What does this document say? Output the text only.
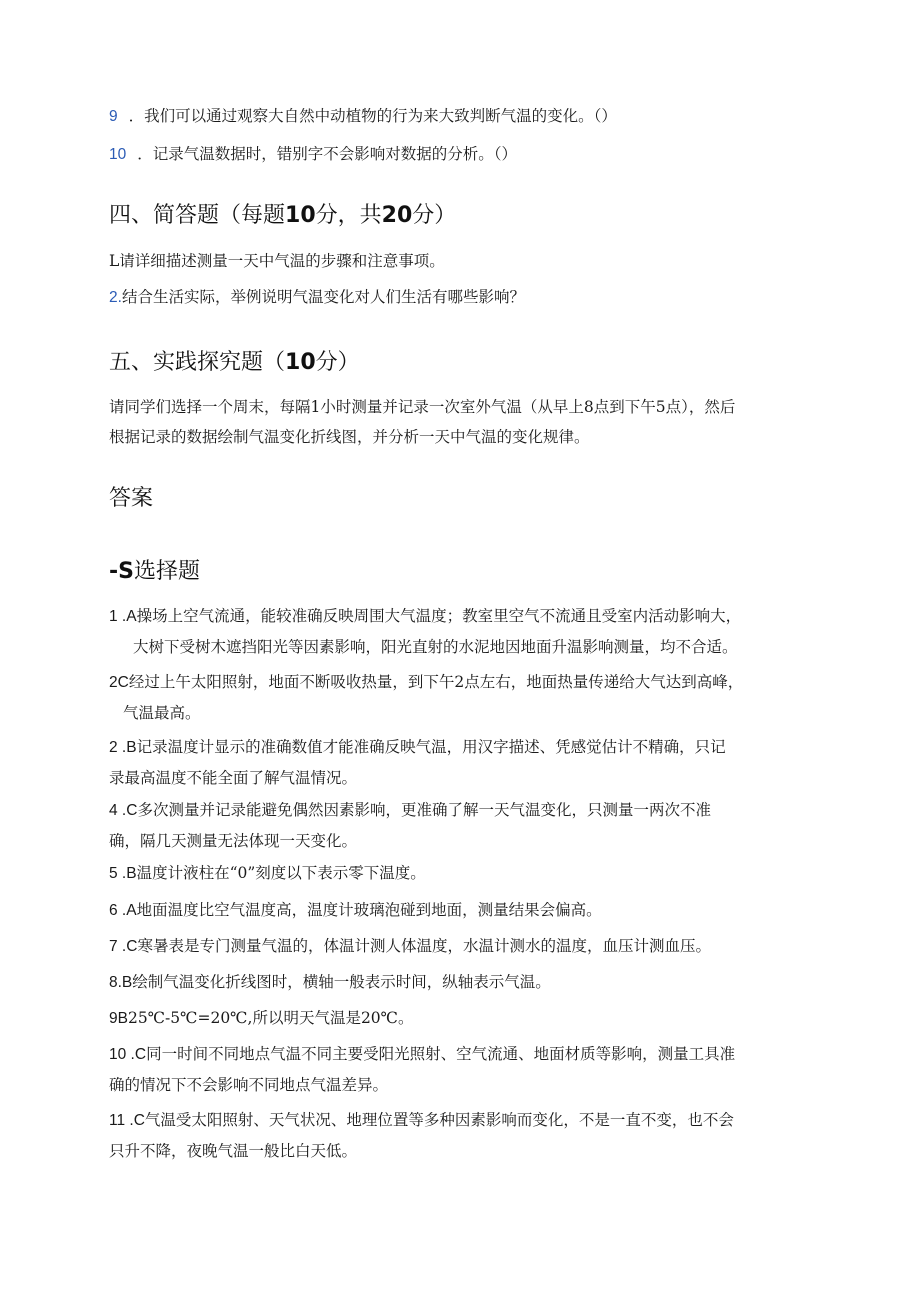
9 ．我们可以通过观察大自然中动植物的行为来大致判断气温的变化。（）
10 ．记录气温数据时，错别字不会影响对数据的分析。（）
四、简答题（每题10分，共20分）
L请详细描述测量一天中气温的步骤和注意事项。
2.结合生活实际，举例说明气温变化对人们生活有哪些影响？
五、实践探究题（10分）
请同学们选择一个周末，每隔1小时测量并记录一次室外气温（从早上8点到下午5点），然后
根据记录的数据绘制气温变化折线图，并分析一天中气温的变化规律。
答案
-S选择题
1 .A操场上空气流通，能较准确反映周围大气温度；教室里空气不流通且受室内活动影响大，
大树下受树木遮挡阳光等因素影响，阳光直射的水泥地因地面升温影响测量，均不合适。
2C经过上午太阳照射，地面不断吸收热量，到下午2点左右，地面热量传递给大气达到高峰，
气温最高。
2 .B记录温度计显示的准确数值才能准确反映气温，用汉字描述、凭感觉估计不精确，只记
录最高温度不能全面了解气温情况。
4 .C多次测量并记录能避免偶然因素影响，更准确了解一天气温变化，只测量一两次不准
确，隔几天测量无法体现一天变化。
5 .B温度计液柱在“0”刻度以下表示零下温度。
6 .A地面温度比空气温度高，温度计玻璃泡碰到地面，测量结果会偏高。
7 .C寒暑表是专门测量气温的，体温计测人体温度，水温计测水的温度，血压计测血压。
8.B绘制气温变化折线图时，横轴一般表示时间，纵轴表示气温。
9B25℃-5℃=20℃,所以明天气温是20℃。
10 .C同一时间不同地点气温不同主要受阳光照射、空气流通、地面材质等影响，测量工具准
确的情况下不会影响不同地点气温差异。
11 .C气温受太阳照射、天气状况、地理位置等多种因素影响而变化，不是一直不变，也不会
只升不降，夜晚气温一般比白天低。
